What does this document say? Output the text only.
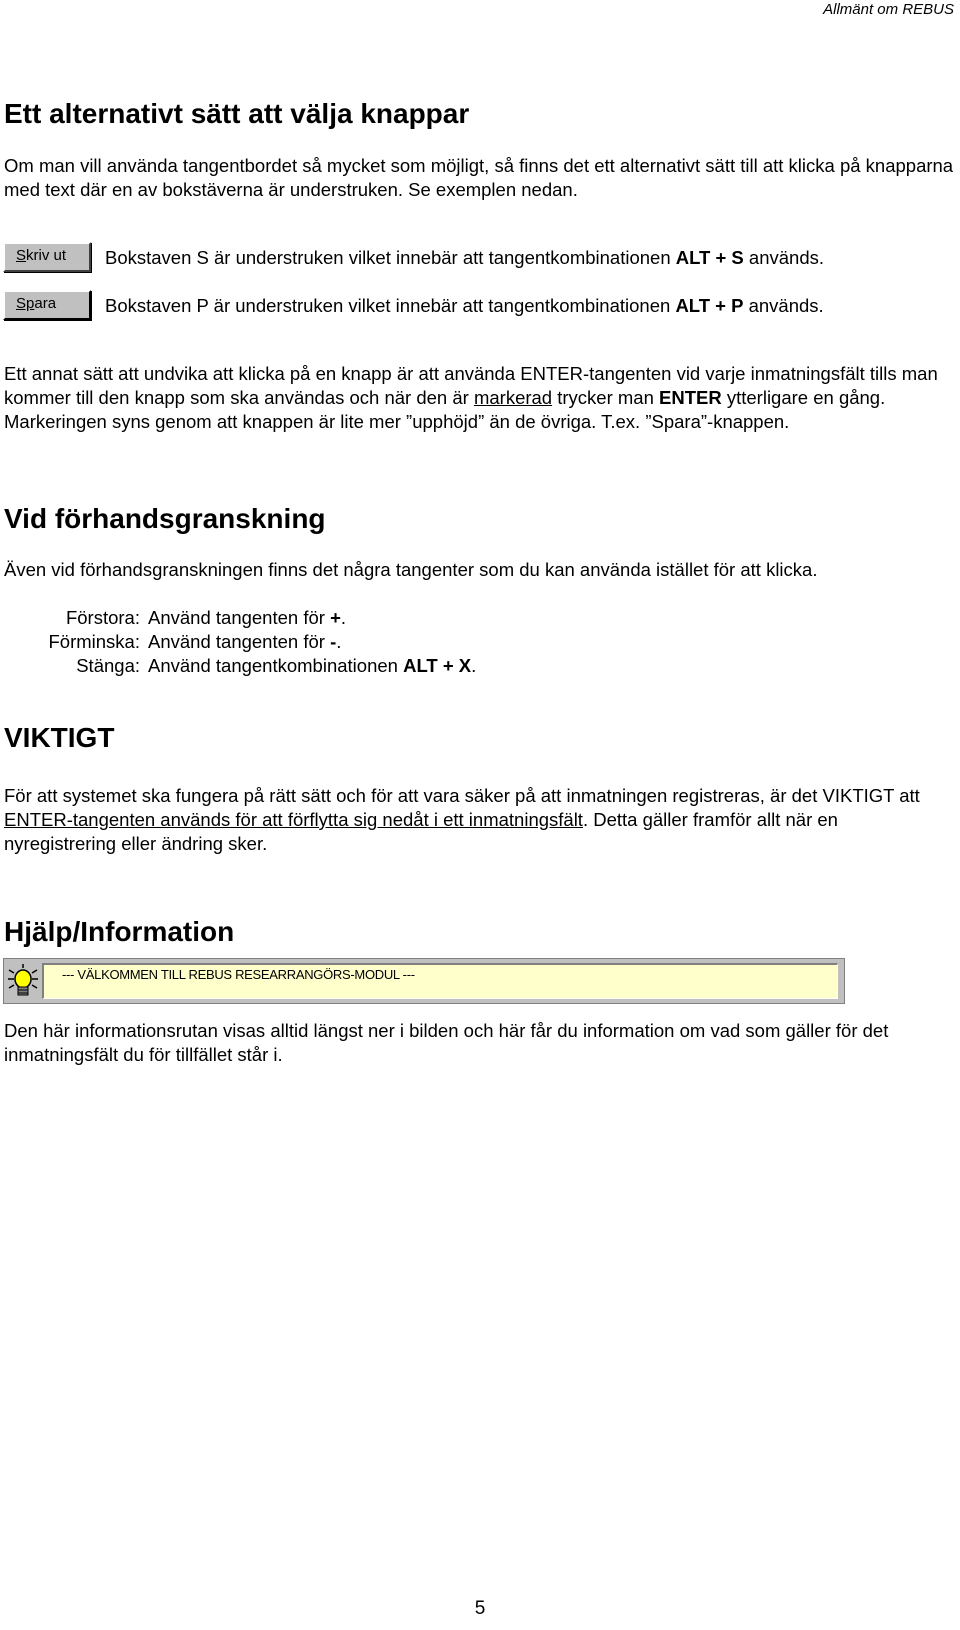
Allmänt om REBUS
Ett alternativt sätt att välja knappar

Om man vill använda tangentbordet så mycket som möjligt, så finns det ett alternativt sätt till att klicka på knapparna med text där en av bokstäverna är understruken. Se exemplen nedan.

Skriv ut	Bokstaven S är understruken vilket innebär att tangentkombinationen ALT + S används.
Spara	Bokstaven P är understruken vilket innebär att tangentkombinationen ALT + P används.

Ett annat sätt att undvika att klicka på en knapp är att använda ENTER-tangenten vid varje inmatningsfält tills man kommer till den knapp som ska användas och när den är markerad trycker man ENTER ytterligare en gång. Markeringen syns genom att knappen är lite mer ”upphöjd” än de övriga. T.ex. ”Spara”-knappen.

Vid förhandsgranskning

Även vid förhandsgranskningen finns det några tangenter som du kan använda istället för att klicka.

Förstora: Använd tangenten för +.
Förminska: Använd tangenten för -.
Stänga: Använd tangentkombinationen ALT + X.
VIKTIGT

För att systemet ska fungera på rätt sätt och för att vara säker på att inmatningen registreras, är det VIKTIGT att ENTER-tangenten används för att förflytta sig nedåt i ett inmatningsfält. Detta gäller framför allt när en nyregistrering eller ändring sker.

Hjälp/Information
--- VÄLKOMMEN TILL REBUS RESEARRANGÖRS-MODUL ---

Den här informationsrutan visas alltid längst ner i bilden och här får du information om vad som gäller för det inmatningsfält du för tillfället står i.

5
